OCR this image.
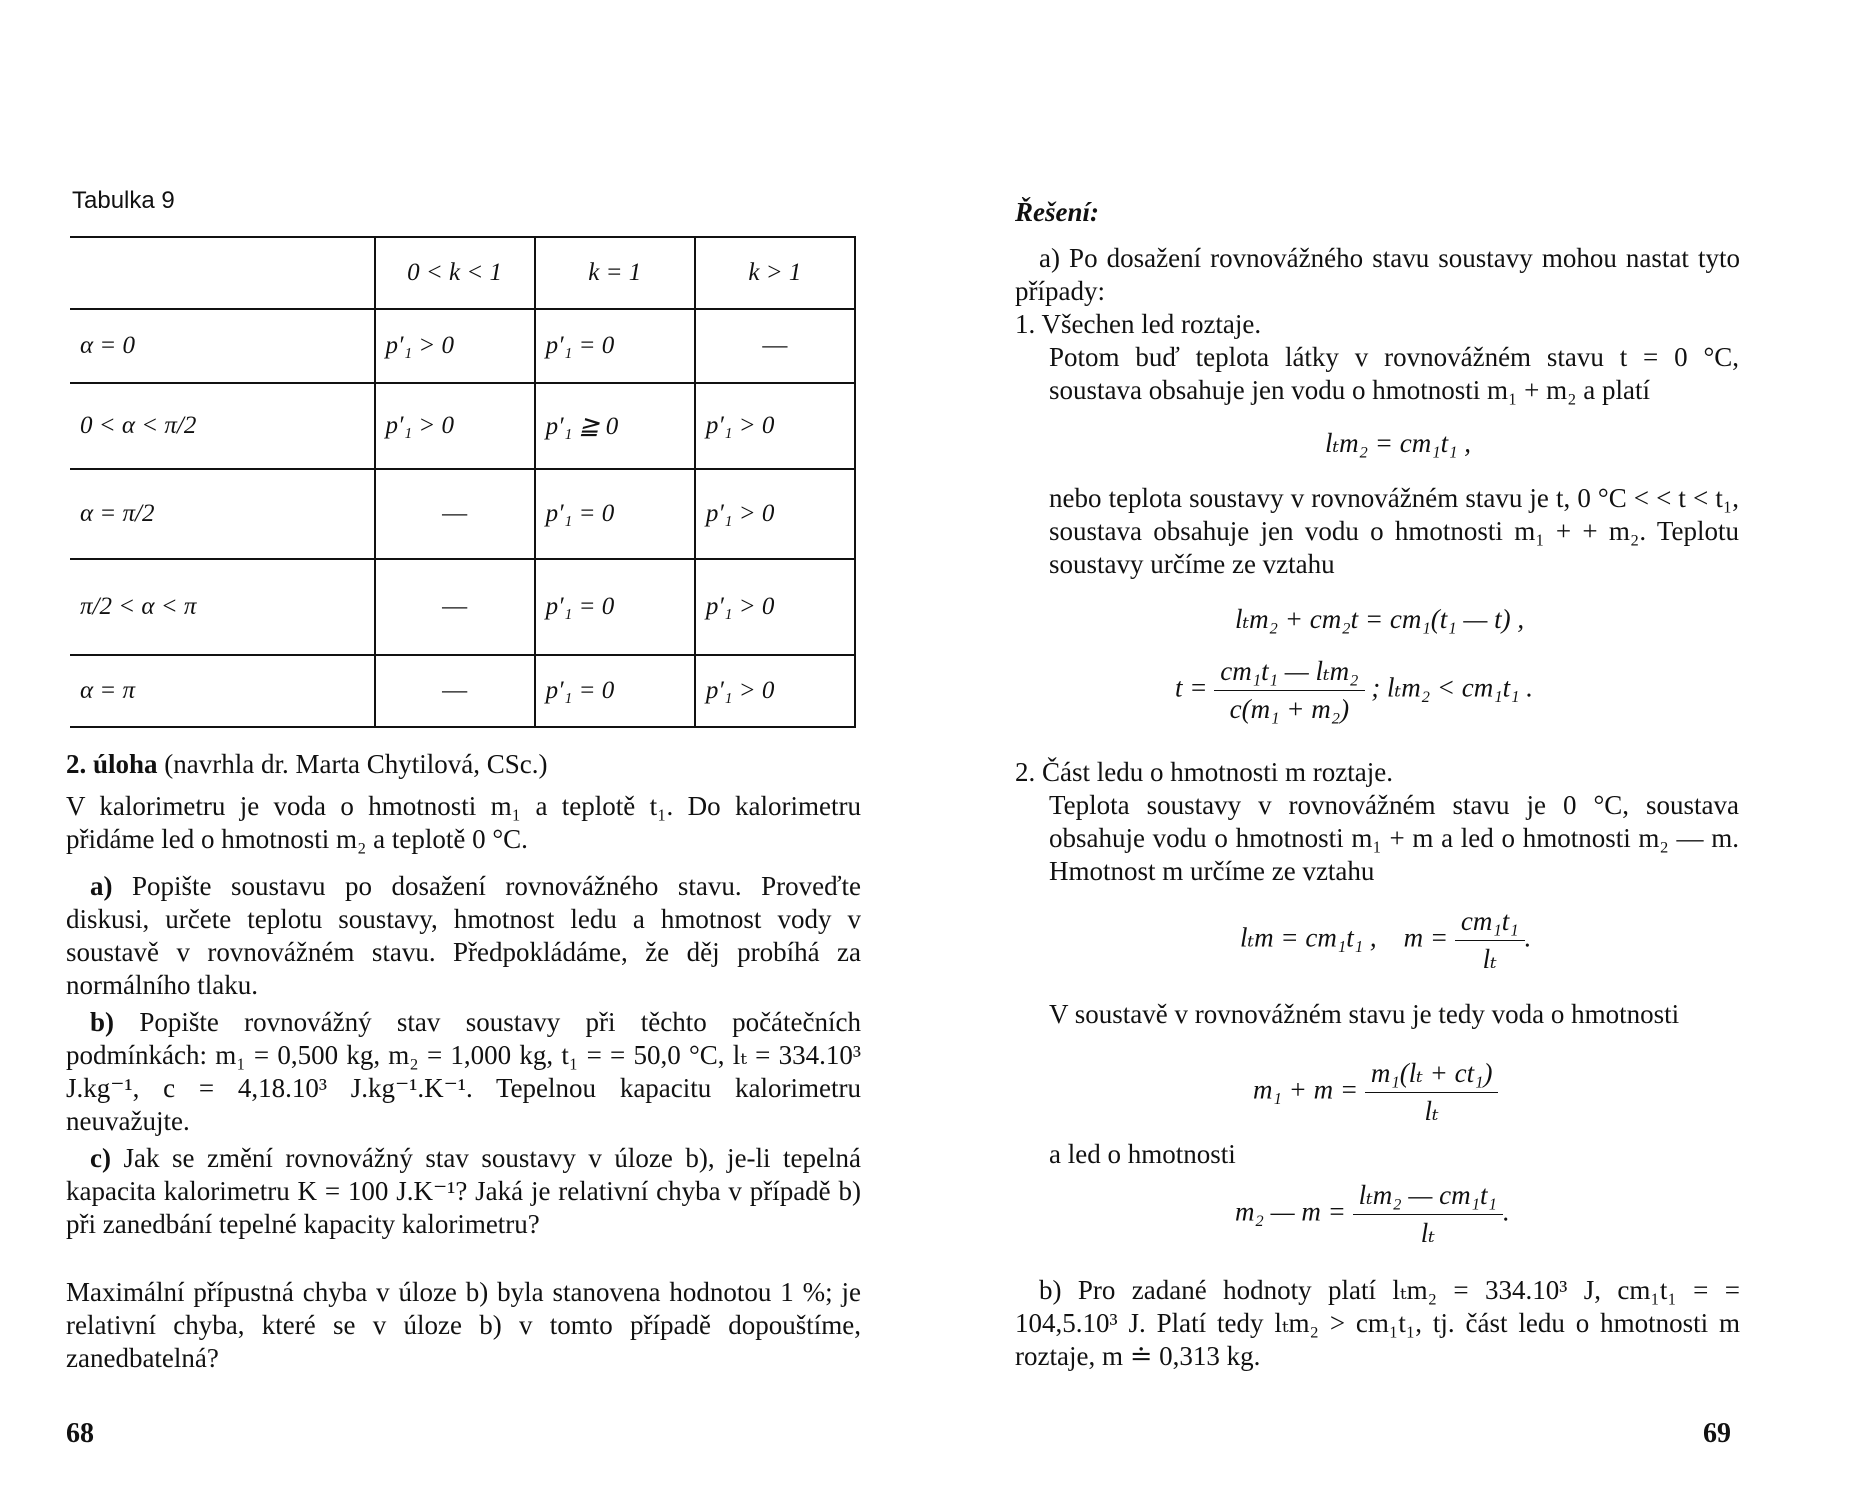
Tabulka 9
	0 < k < 1	k = 1	k > 1
α = 0	p′₁ > 0	p′₁ = 0	—
0 < α < π/2	p′₁ > 0	p′₁ ≧ 0	p′₁ > 0
α = π/2	—	p′₁ = 0	p′₁ > 0
π/2 < α < π	—	p′₁ = 0	p′₁ > 0
α = π	—	p′₁ = 0	p′₁ > 0
2. úloha (navrhla dr. Marta Chytilová, CSc.)
V kalorimetru je voda o hmotnosti m₁ a teplotě t₁. Do kalorimetru přidáme led o hmotnosti m₂ a teplotě 0 °C.
a) Popište soustavu po dosažení rovnovážného stavu. Proveďte diskusi, určete teplotu soustavy, hmotnost ledu a hmotnost vody v soustavě v rovnovážném stavu. Předpokládáme, že děj probíhá za normálního tlaku.
b) Popište rovnovážný stav soustavy při těchto počátečních podmínkách: m₁ = 0,500 kg, m₂ = 1,000 kg, t₁ = = 50,0 °C, lₜ = 334.10³ J.kg⁻¹, c = 4,18.10³ J.kg⁻¹.K⁻¹. Tepelnou kapacitu kalorimetru neuvažujte.
c) Jak se změní rovnovážný stav soustavy v úloze b), je-li tepelná kapacita kalorimetru K = 100 J.K⁻¹? Jaká je relativní chyba v případě b) při zanedbání tepelné kapacity kalorimetru?
Maximální přípustná chyba v úloze b) byla stanovena hodnotou 1 %; je relativní chyba, které se v úloze b) v tomto případě dopouštíme, zanedbatelná?
68
Řešení:
a) Po dosažení rovnovážného stavu soustavy mohou nastat tyto případy:
1. Všechen led roztaje.
Potom buď teplota látky v rovnovážném stavu t = 0 °C, soustava obsahuje jen vodu o hmotnosti m₁ + m₂ a platí
lₜm₂ = cm₁t₁ ,
nebo teplota soustavy v rovnovážném stavu je t, 0 °C < < t < t₁, soustava obsahuje jen vodu o hmotnosti m₁ + + m₂. Teplotu soustavy určíme ze vztahu
lₜm₂ + cm₂t = cm₁(t₁ — t) ,
$t = \frac{\text{cm₁t₁ — lₜm₂}}{\text{c(m₁ + m₂)}}$ ; lₜm₂ < cm₁t₁ .
2. Část ledu o hmotnosti m roztaje.
Teplota soustavy v rovnovážném stavu je 0 °C, soustava obsahuje vodu o hmotnosti m₁ + m a led o hmotnosti m₂ — m. Hmotnost m určíme ze vztahu
lₜm = cm₁t₁ , $m = \frac{\text{cm₁t₁}}{\text{lₜ}}$ .
V soustavě v rovnovážném stavu je tedy voda o hmotnosti
$m_1 + m = \frac{\text{m₁(lₜ + ct₁)}}{\text{lₜ}}$
a led o hmotnosti
m₂ — $m = \frac{\text{lₜm₂ — cm₁t₁}}{\text{lₜ}}$ .
b) Pro zadané hodnoty platí lₜm₂ = 334.10³ J, cm₁t₁ = = 104,5.10³ J. Platí tedy lₜm₂ > cm₁t₁, tj. část ledu o hmotnosti m roztaje, m ≐ 0,313 kg.
69
